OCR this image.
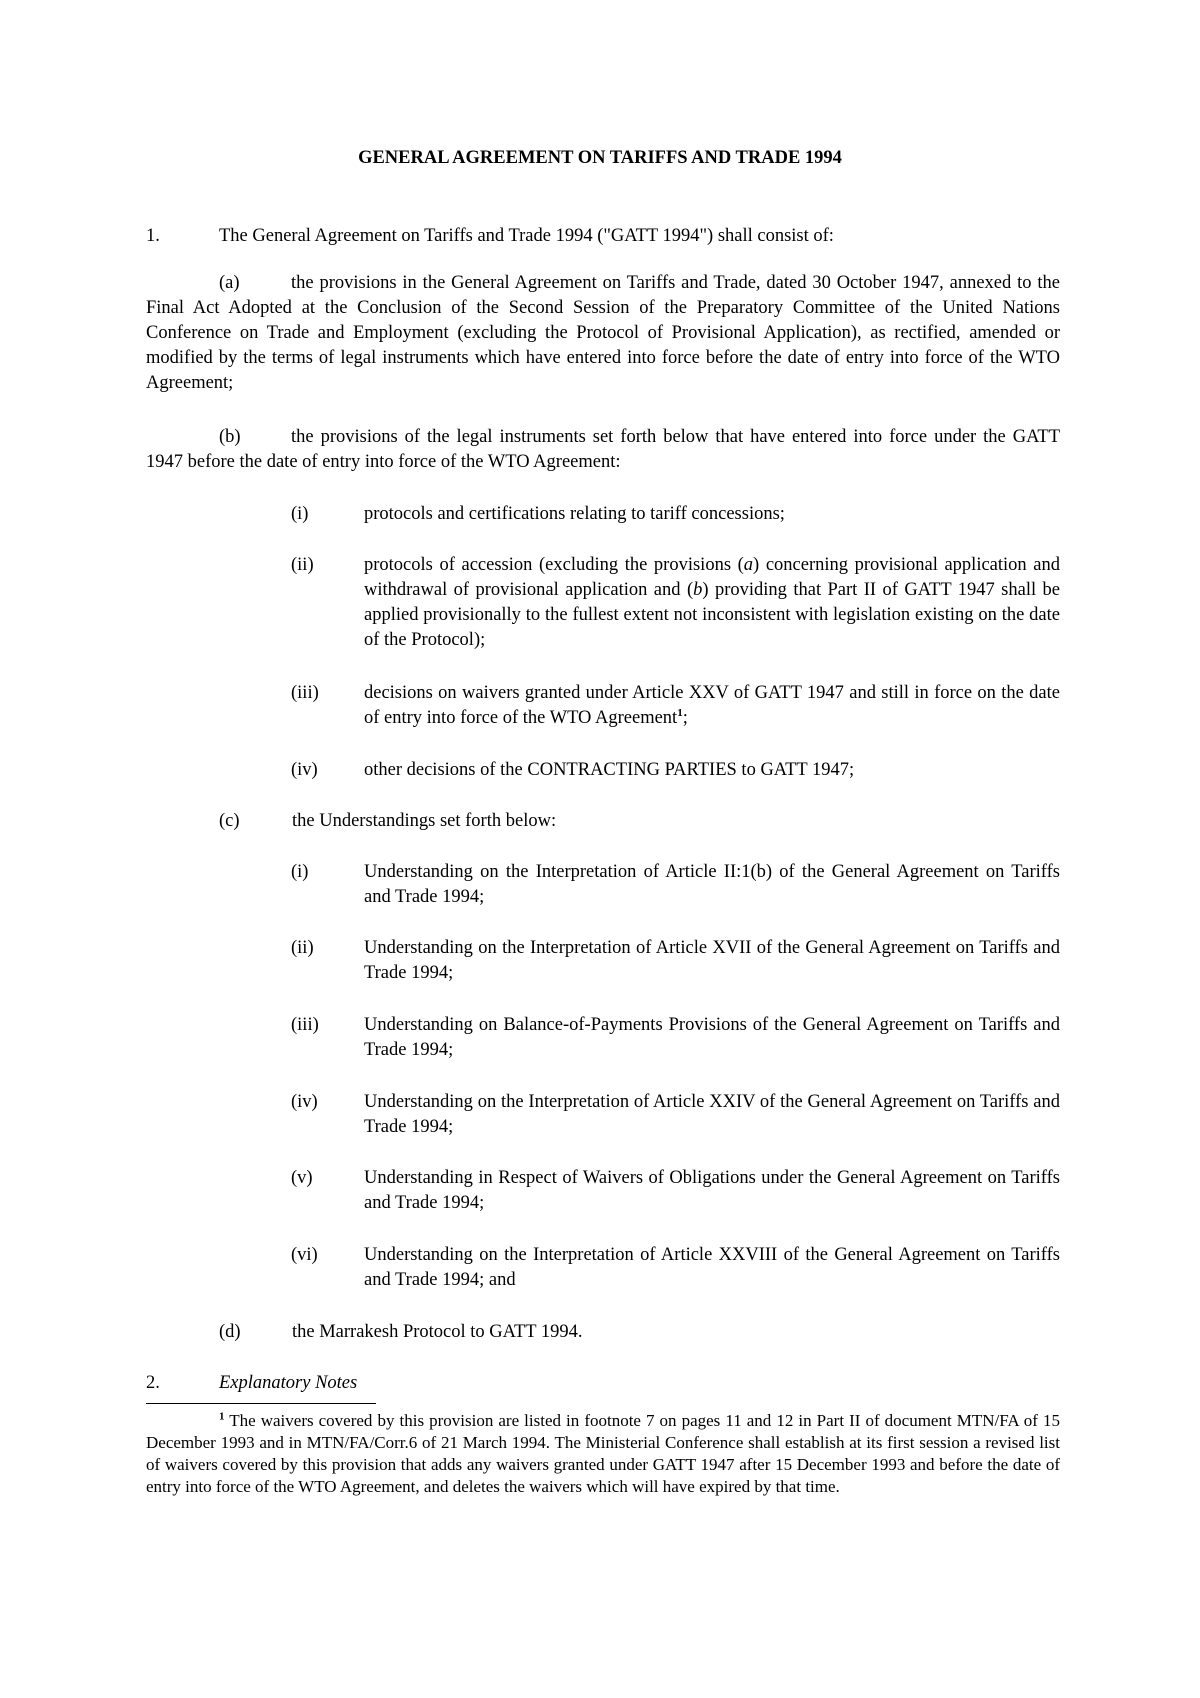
GENERAL AGREEMENT ON TARIFFS AND TRADE 1994
1.	The General Agreement on Tariffs and Trade 1994 ("GATT 1994") shall consist of:
(a)	the provisions in the General Agreement on Tariffs and Trade, dated 30 October 1947, annexed to the Final Act Adopted at the Conclusion of the Second Session of the Preparatory Committee of the United Nations Conference on Trade and Employment (excluding the Protocol of Provisional Application), as rectified, amended or modified by the terms of legal instruments which have entered into force before the date of entry into force of the WTO Agreement;
(b)	the provisions of the legal instruments set forth below that have entered into force under the GATT 1947 before the date of entry into force of the WTO Agreement:
(i)	protocols and certifications relating to tariff concessions;
(ii)	protocols of accession (excluding the provisions (a) concerning provisional application and withdrawal of provisional application and (b) providing that Part II of GATT 1947 shall be applied provisionally to the fullest extent not inconsistent with legislation existing on the date of the Protocol);
(iii) decisions on waivers granted under Article XXV of GATT 1947 and still in force on the date of entry into force of the WTO Agreement$^1$;
(iv)	other decisions of the CONTRACTING PARTIES to GATT 1947;
(c)	the Understandings set forth below:
(i)	Understanding on the Interpretation of Article II:1(b) of the General Agreement on Tariffs and Trade 1994;
(ii)	Understanding on the Interpretation of Article XVII of the General Agreement on Tariffs and Trade 1994;
(iii) Understanding on Balance-of-Payments Provisions of the General Agreement on Tariffs and Trade 1994;
(iv)	Understanding on the Interpretation of Article XXIV of the General Agreement on Tariffs and Trade 1994;
(v)	Understanding in Respect of Waivers of Obligations under the General Agreement on Tariffs and Trade 1994;
(vi)	Understanding on the Interpretation of Article XXVIII of the General Agreement on Tariffs and Trade 1994; and
(d)	the Marrakesh Protocol to GATT 1994.
2.	Explanatory Notes
$^1$ The waivers covered by this provision are listed in footnote 7 on pages 11 and 12 in Part II of document MTN/FA of 15 December 1993 and in MTN/FA/Corr.6 of 21 March 1994. The Ministerial Conference shall establish at its first session a revised list of waivers covered by this provision that adds any waivers granted under GATT 1947 after 15 December 1993 and before the date of entry into force of the WTO Agreement, and deletes the waivers which will have expired by that time.
